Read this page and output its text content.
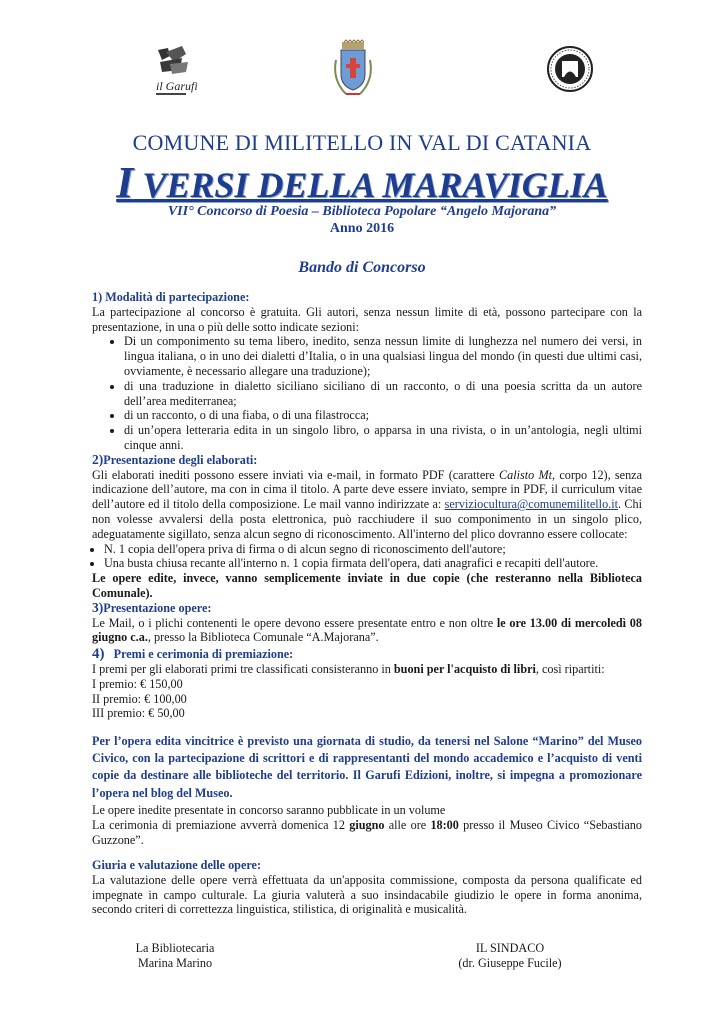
il Garufi
COMUNE DI MILITELLO IN VAL DI CATANIA
I VERSI DELLA MARAVIGLIA
VII° Concorso di Poesia – Biblioteca Popolare “Angelo Majorana”
Anno 2016
Bando di Concorso

1) Modalità di partecipazione:

La partecipazione al concorso è gratuita. Gli autori, senza nessun limite di età, possono partecipare con la presentazione, in una o più delle sotto indicate sezioni:

• Di un componimento su tema libero, inedito, senza nessun limite di lunghezza nel numero dei versi, in lingua italiana, o in uno dei dialetti d’Italia, o in una qualsiasi lingua del mondo (in questi due ultimi casi, ovviamente, è necessario allegare una traduzione);
• di una traduzione in dialetto siciliano siciliano di un racconto, o di una poesia scritta da un autore dell’area mediterranea;
• di un racconto, o di una fiaba, o di una filastrocca;
• di un’opera letteraria edita in un singolo libro, o apparsa in una rivista, o in un’antologia, negli ultimi cinque anni.

2)Presentazione degli elaborati:

Gli elaborati inediti possono essere inviati via e-mail, in formato PDF (carattere Calisto Mt, corpo 12), senza indicazione dell’autore, ma con in cima il titolo. A parte deve essere inviato, sempre in PDF, il curriculum vitae dell’autore ed il titolo della composizione. Le mail vanno indirizzate a: serviziocultura@comunemilitello.it. Chi non volesse avvalersi della posta elettronica, può racchiudere il suo componimento in un singolo plico, adeguatamente sigillato, senza alcun segno di riconoscimento. All'interno del plico dovranno essere collocate:

• N. 1 copia dell'opera priva di firma o di alcun segno di riconoscimento dell'autore;
• Una busta chiusa recante all'interno n. 1 copia firmata dell'opera, dati anagrafici e recapiti dell'autore.

Le opere edite, invece, vanno semplicemente inviate in due copie (che resteranno nella Biblioteca Comunale).

3)Presentazione opere:

Le Mail, o i plichi contenenti le opere devono essere presentate entro e non oltre le ore 13.00 di mercoledì 08 giugno c.a., presso la Biblioteca Comunale “A.Majorana”.

4) Premi e cerimonia di premiazione:

I premi per gli elaborati primi tre classificati consisteranno in buoni per l'acquisto di libri, così ripartiti:

I premio: € 150,00

II premio: € 100,00

III premio: € 50,00

Per l’opera edita vincitrice è previsto una giornata di studio, da tenersi nel Salone “Marino” del Museo Civico, con la partecipazione di scrittori e di rappresentanti del mondo accademico e l’acquisto di venti copie da destinare alle biblioteche del territorio. Il Garufi Edizioni, inoltre, si impegna a promozionare l’opera nel blog del Museo.

Le opere inedite presentate in concorso saranno pubblicate in un volume

La cerimonia di premiazione avverrà domenica 12 giugno alle ore 18:00 presso il Museo Civico “Sebastiano Guzzone”.

Giuria e valutazione delle opere:

La valutazione delle opere verrà effettuata da un'apposita commissione, composta da persona qualificate ed impegnate in campo culturale. La giuria valuterà a suo insindacabile giudizio le opere in forma anonima, secondo criteri di correttezza linguistica, stilistica, di originalità e musicalità.

La Bibliotecaria
Marina Marino
IL SINDACO
(dr. Giuseppe Fucile)
